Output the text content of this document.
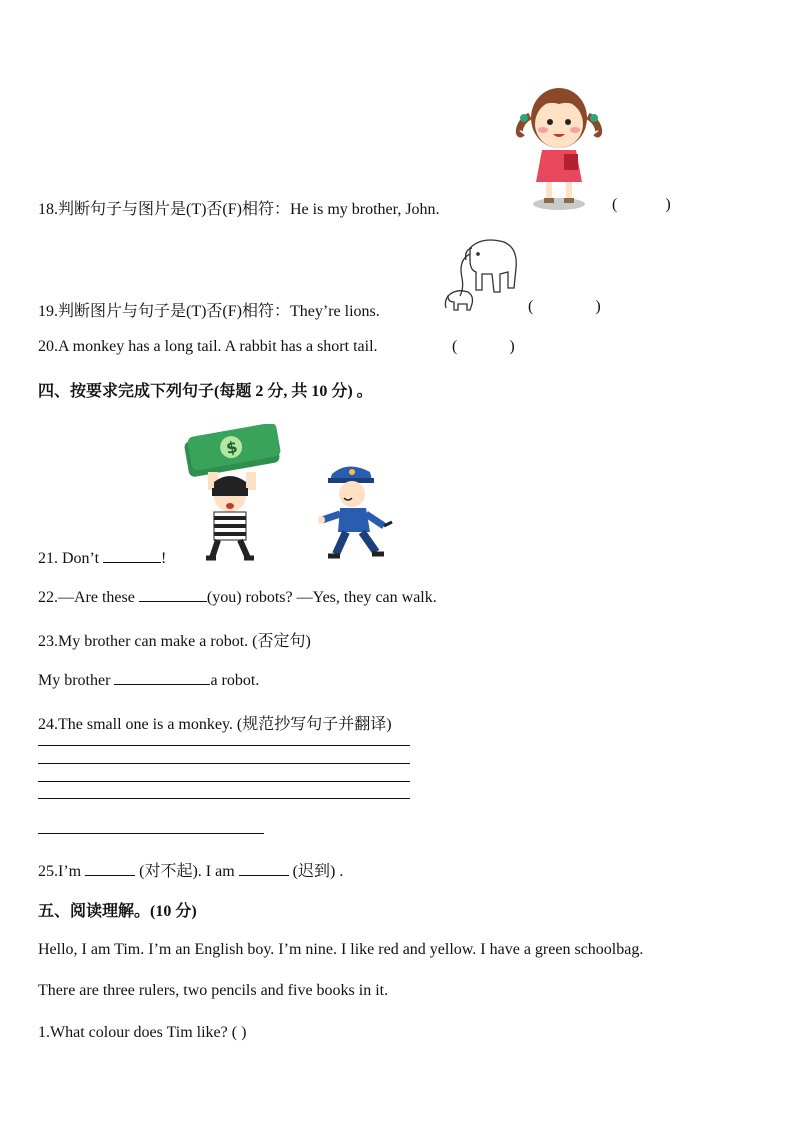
18.判断句子与图片是(T)否(F)相符：He is my brother, John.	(	)
19.判断图片与句子是(T)否(F)相符：They’re lions.	(	)
20.A monkey has a long tail. A rabbit has a short tail.	(	)
四、按要求完成下列句子(每题 2 分, 共 10 分) 。
$
21. Don’t	!
22.—Are these	(you) robots? —Yes, they can walk.
23.My brother can make a robot. (否定句)
My brother	a robot.
24.The small one is a monkey. (规范抄写句子并翻译)
25.I’m	(对不起). I am	(迟到) .
五、阅读理解。(10 分)
Hello, I am Tim. I’m an English boy. I’m nine. I like red and yellow. I have a green schoolbag.
There are three rulers, two pencils and five books in it.
1.What colour does Tim like? ( )
